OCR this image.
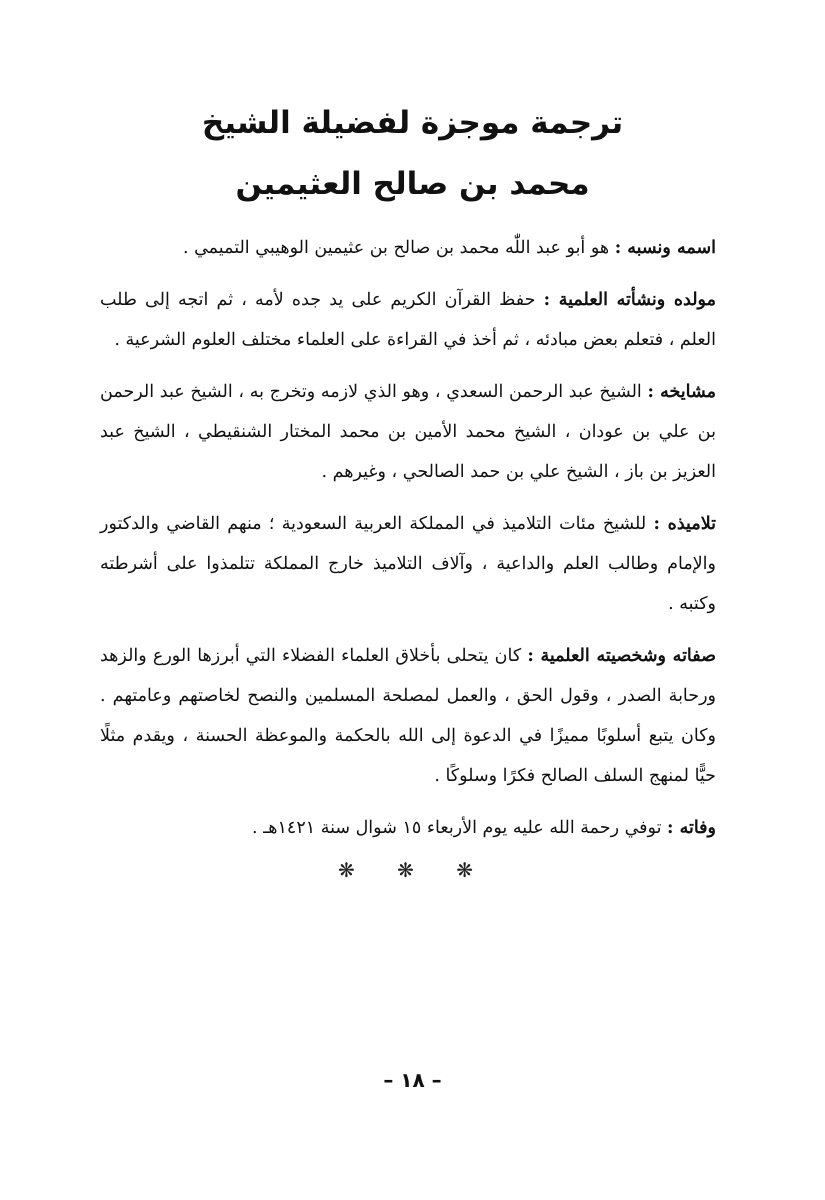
ترجمة موجزة لفضيلة الشيخ

محمد بن صالح العثيمين

اسمه ونسبه : هو أبو عبد اللّٰه محمد بن صالح بن عثيمين الوهيبي التميمي .

مولده ونشأته العلمية : حفظ القرآن الكريم على يد جده لأمه ، ثم اتجه إلى طلب العلم ، فتعلم بعض مبادئه ، ثم أخذ في القراءة على العلماء مختلف العلوم الشرعية .

مشايخه : الشيخ عبد الرحمن السعدي ، وهو الذي لازمه وتخرج به ، الشيخ عبد الرحمن بن علي بن عودان ، الشيخ محمد الأمين بن محمد المختار الشنقيطي ، الشيخ عبد العزيز بن باز ، الشيخ علي بن حمد الصالحي ، وغيرهم .

تلاميذه : للشيخ مئات التلاميذ في المملكة العربية السعودية ؛ منهم القاضي والدكتور والإمام وطالب العلم والداعية ، وآلاف التلاميذ خارج المملكة تتلمذوا على أشرطته وكتبه .

صفاته وشخصيته العلمية : كان يتحلى بأخلاق العلماء الفضلاء التي أبرزها الورع والزهد ورحابة الصدر ، وقول الحق ، والعمل لمصلحة المسلمين والنصح لخاصتهم وعامتهم . وكان يتبع أسلوبًا مميزًا في الدعوة إلى الله بالحكمة والموعظة الحسنة ، ويقدم مثلًا حيًّا لمنهج السلف الصالح فكرًا وسلوكًا .

وفاته : توفي رحمة الله عليه يوم الأربعاء ١٥ شوال سنة ١٤٢١هـ .

❋ ❋ ❋
– ١٨ –
